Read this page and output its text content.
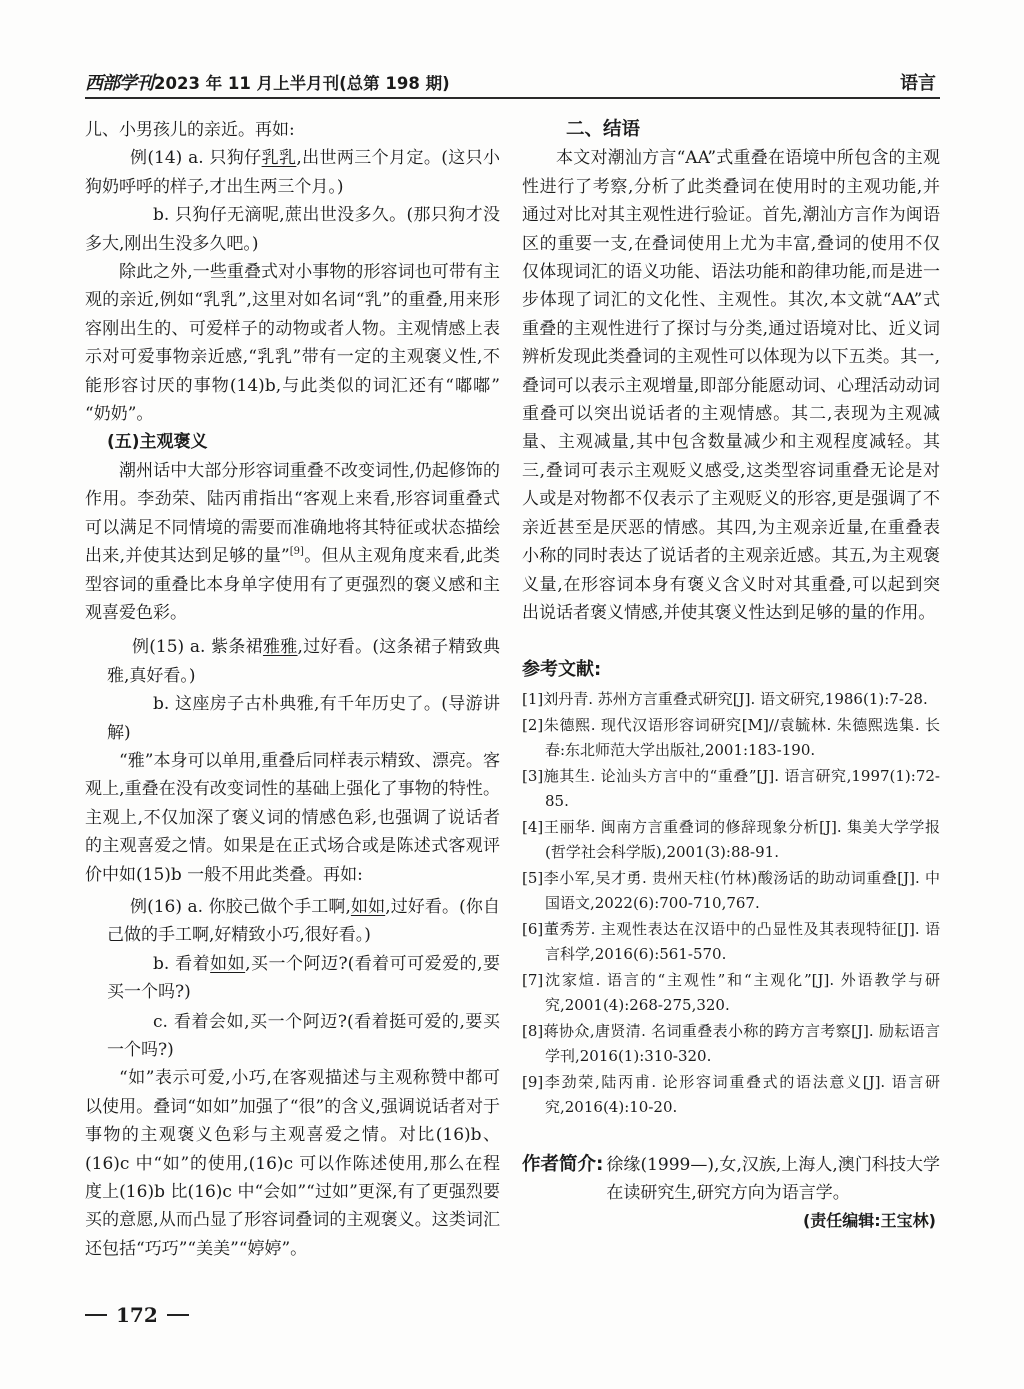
西部学刊 2023 年 11 月上半月刊(总第 198 期)	语言

儿、小男孩儿的亲近。再如:

例(14) a. 只狗仔乳乳,出世两三个月定。(这只小狗奶呼呼的样子,才出生两三个月。)

b. 只狗仔无滴呢,蔗出世没多久。(那只狗才没多大,刚出生没多久吧。)

除此之外,一些重叠式对小事物的形容词也可带有主观的亲近,例如“乳乳”,这里对如名词“乳”的重叠,用来形容刚出生的、可爱样子的动物或者人物。主观情感上表示对可爱事物亲近感,“乳乳”带有一定的主观褒义性,不能形容讨厌的事物(14)b,与此类似的词汇还有“嘟嘟”“奶奶”。

(五)主观褒义

潮州话中大部分形容词重叠不改变词性,仍起修饰的作用。李劲荣、陆丙甫指出“客观上来看,形容词重叠式可以满足不同情境的需要而准确地将其特征或状态描绘出来,并使其达到足够的量”[9]。但从主观角度来看,此类型容词的重叠比本身单字使用有了更强烈的褒义感和主观喜爱色彩。

例(15) a. 紫条裙雅雅,过好看。(这条裙子精致典雅,真好看。)

b. 这座房子古朴典雅,有千年历史了。(导游讲解)

“雅”本身可以单用,重叠后同样表示精致、漂亮。客观上,重叠在没有改变词性的基础上强化了事物的特性。主观上,不仅加深了褒义词的情感色彩,也强调了说话者的主观喜爱之情。如果是在正式场合或是陈述式客观评价中如(15)b 一般不用此类叠。再如:

例(16) a. 你胶己做个手工啊,如如,过好看。(你自己做的手工啊,好精致小巧,很好看。)

b. 看着如如,买一个阿迈?(看着可可爱爱的,要买一个吗?)

c. 看着会如,买一个阿迈?(看着挺可爱的,要买一个吗?)

“如”表示可爱,小巧,在客观描述与主观称赞中都可以使用。叠词“如如”加强了“很”的含义,强调说话者对于事物的主观褒义色彩与主观喜爱之情。对比(16)b、(16)c 中“如”的使用,(16)c 可以作陈述使用,那么在程度上(16)b 比(16)c 中“会如”“过如”更深,有了更强烈要买的意愿,从而凸显了形容词叠词的主观褒义。这类词汇还包括“巧巧”“美美”“婷婷”。

二、结语

本文对潮汕方言“AA”式重叠在语境中所包含的主观性进行了考察,分析了此类叠词在使用时的主观功能,并通过对比对其主观性进行验证。首先,潮汕方言作为闽语区的重要一支,在叠词使用上尤为丰富,叠词的使用不仅仅体现词汇的语义功能、语法功能和韵律功能,而是进一步体现了词汇的文化性、主观性。其次,本文就“AA”式重叠的主观性进行了探讨与分类,通过语境对比、近义词辨析发现此类叠词的主观性可以体现为以下五类。其一,叠词可以表示主观增量,即部分能愿动词、心理活动动词重叠可以突出说话者的主观情感。其二,表现为主观减量、主观减量,其中包含数量减少和主观程度减轻。其三,叠词可表示主观贬义感受,这类型容词重叠无论是对人或是对物都不仅表示了主观贬义的形容,更是强调了不亲近甚至是厌恶的情感。其四,为主观亲近量,在重叠表小称的同时表达了说话者的主观亲近感。其五,为主观褒义量,在形容词本身有褒义含义时对其重叠,可以起到突出说话者褒义情感,并使其褒义性达到足够的量的作用。

参考文献:

[1]刘丹青. 苏州方言重叠式研究[J]. 语文研究,1986(1):7-28.

[2]朱德熙. 现代汉语形容词研究[M]//袁毓林. 朱德熙选集. 长春:东北师范大学出版社,2001:183-190.

[3]施其生. 论汕头方言中的“重叠”[J]. 语言研究,1997(1):72-85.

[4]王丽华. 闽南方言重叠词的修辞现象分析[J]. 集美大学学报(哲学社会科学版),2001(3):88-91.

[5]李小军,吴才勇. 贵州天柱(竹林)酸汤话的助动词重叠[J]. 中国语文,2022(6):700-710,767.

[6]董秀芳. 主观性表达在汉语中的凸显性及其表现特征[J]. 语言科学,2016(6):561-570.

[7]沈家煊. 语言的“主观性”和“主观化”[J]. 外语教学与研究,2001(4):268-275,320.

[8]蒋协众,唐贤清. 名词重叠表小称的跨方言考察[J]. 励耘语言学刊,2016(1):310-320.

[9]李劲荣,陆丙甫. 论形容词重叠式的语法意义[J]. 语言研究,2016(4):10-20.

作者简介: 徐缘(1999—),女,汉族,上海人,澳门科技大学在读研究生,研究方向为语言学。
(责任编辑:王宝林)
172
